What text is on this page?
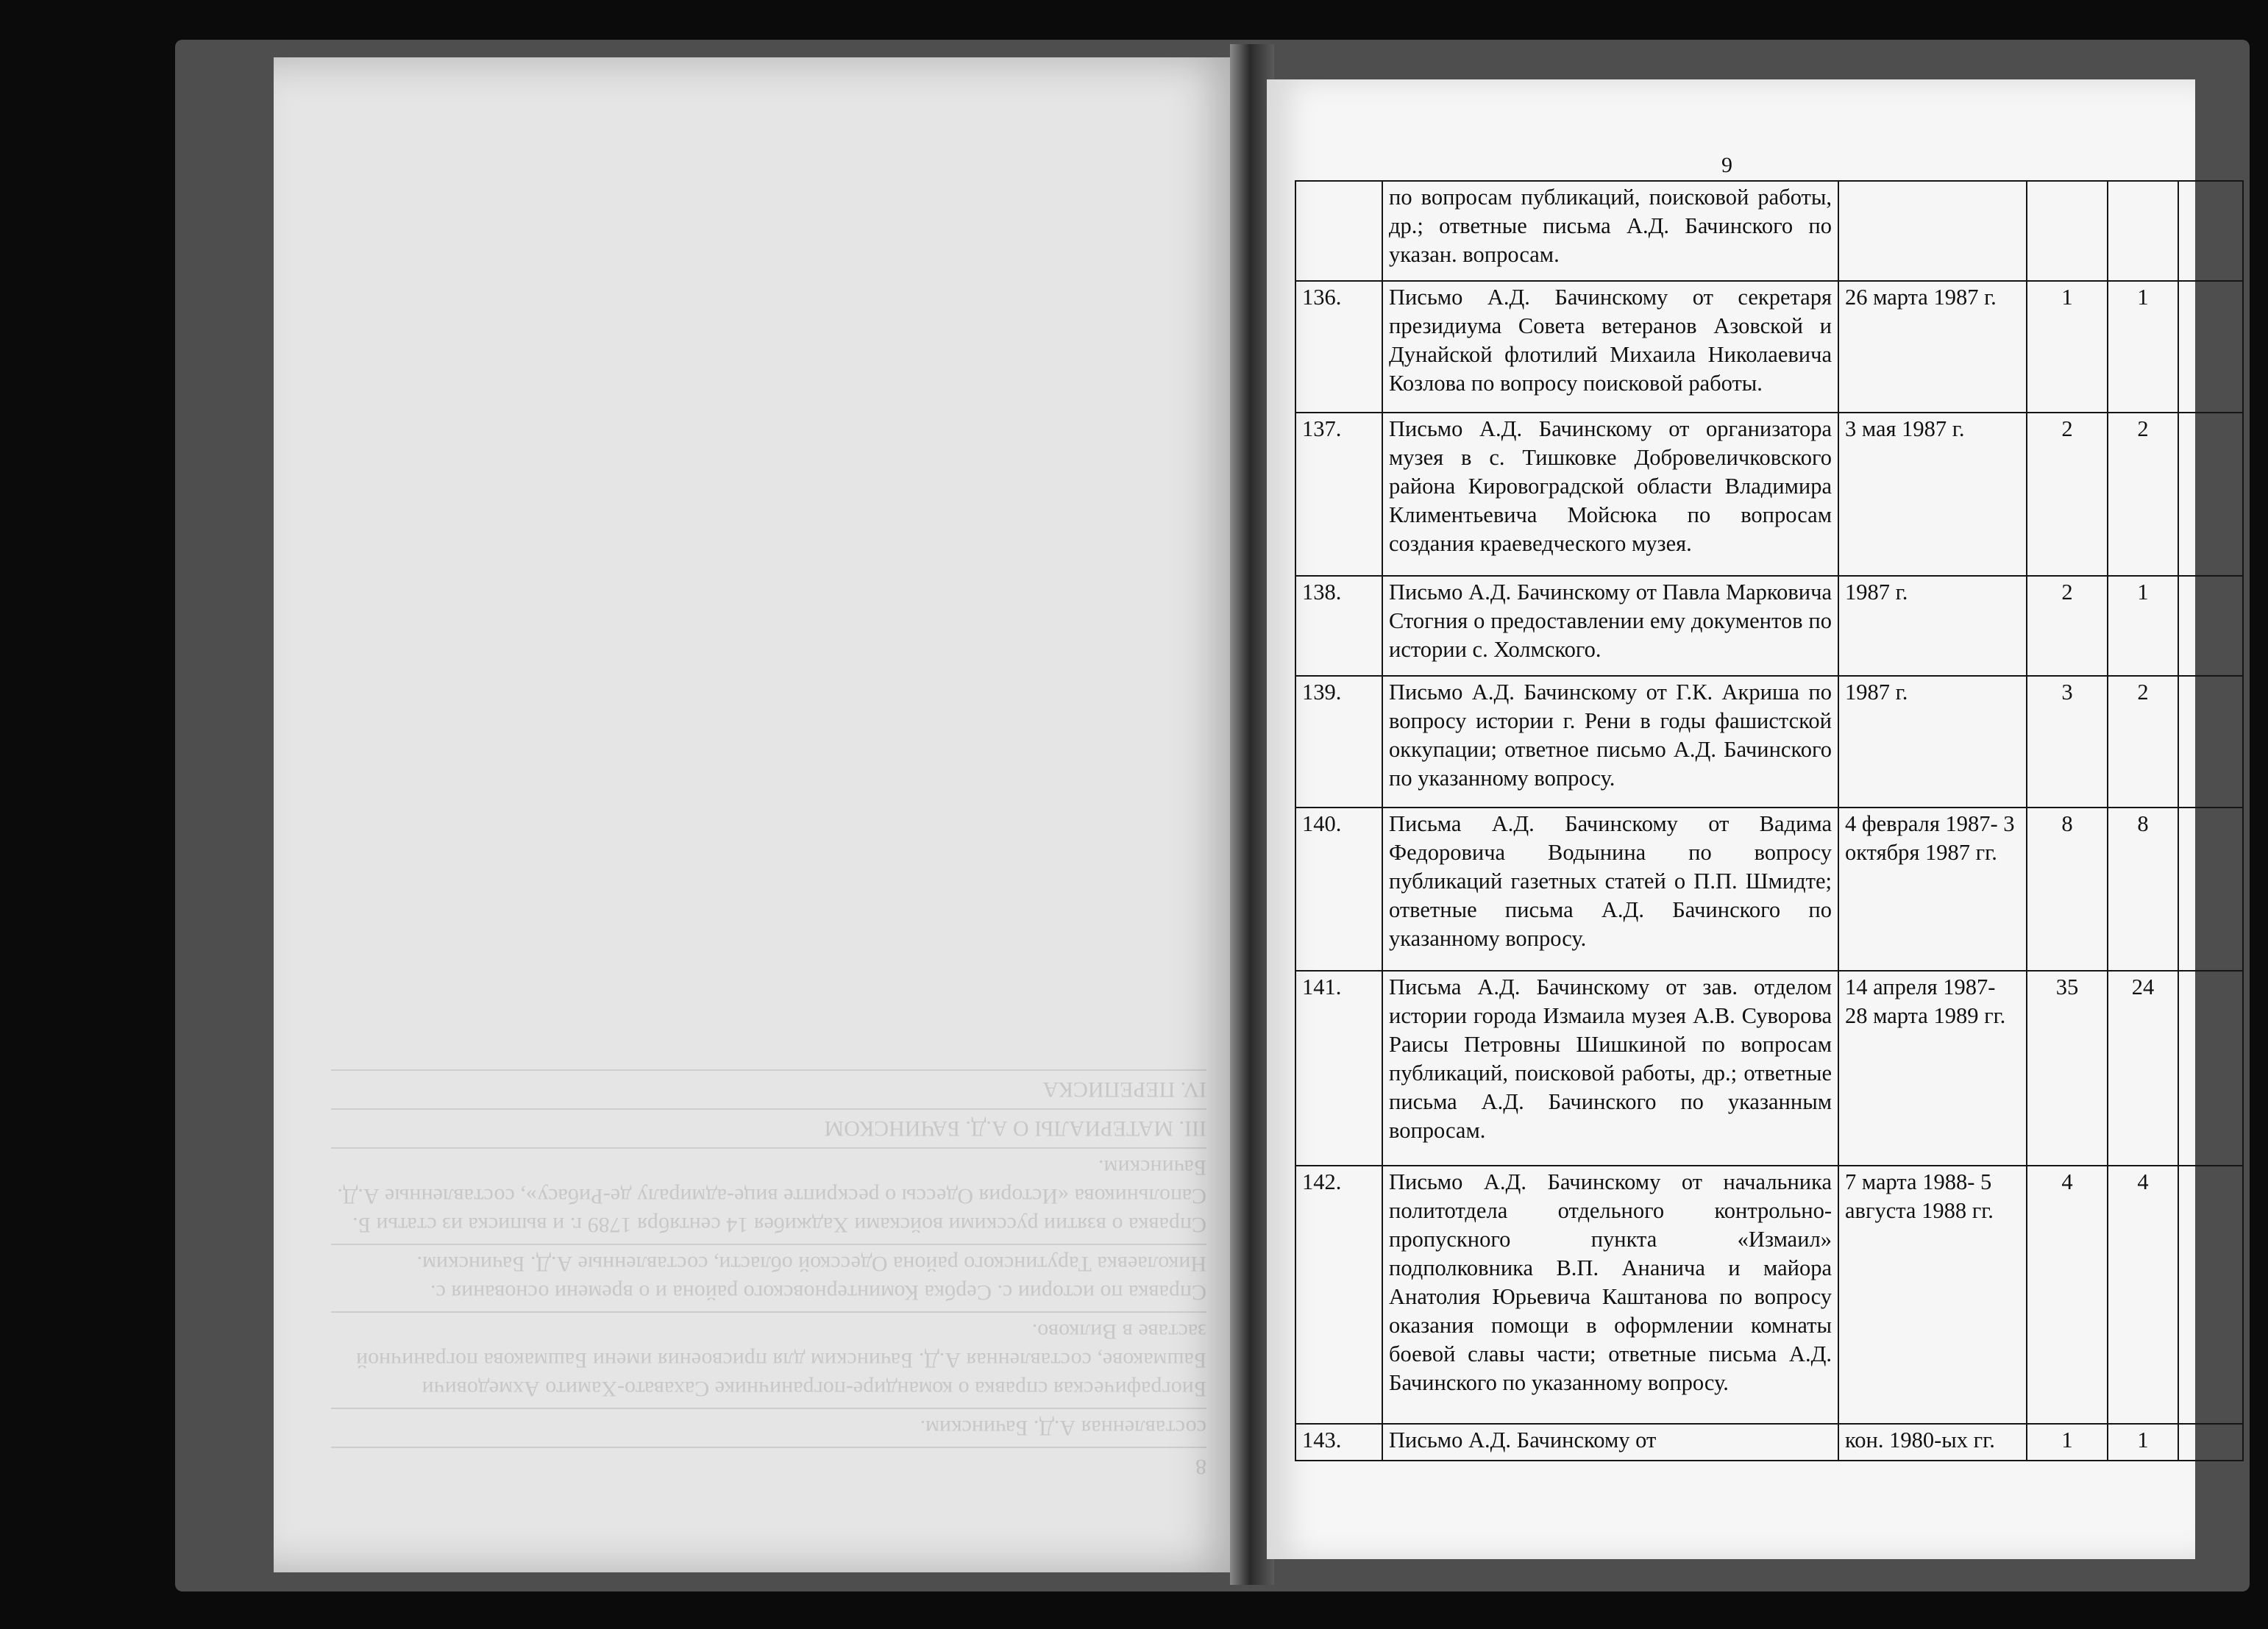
8
составленная А.Д. Бачинским.
Биографическая справка о командире-пограничнике Сахавато-Хамито Ахмедовичи Башмакове, составленная А.Д. Бачинским для присвоения имени Башмакова пограничной заставе в Вилково.
Справка по истории с. Сербка Коминтерновского района и о времени основания с. Николаевка Тарутинского района Одесской области, составленные А.Д. Бачинским.
Справка о взятии русскими войсками Хаджибея 14 сентября 1789 г. и выписка из статьи Б. Сапольникова «История Одессы о рескрипте вице-адмиралу де-Рибасу», составленные А.Д. Бачинским.
III. МАТЕРИАЛЫ О А.Д. БАЧИНСКОМ
IV. ПЕРЕПИСКА
9
	по вопросам публикаций, поисковой работы, др.; ответные письма А.Д. Бачинского по указан. вопросам.				
136.	Письмо А.Д. Бачинскому от секретаря президиума Совета ветеранов Азовской и Дунайской флотилий Михаила Николаевича Козлова по вопросу поисковой работы.	26 марта 1987 г.	1	1	
137.	Письмо А.Д. Бачинскому от организатора музея в с. Тишковке Добровеличковского района Кировоградской области Владимира Климентьевича Мойсюка по вопросам создания краеведческого музея.	3 мая 1987 г.	2	2	
138.	Письмо А.Д. Бачинскому от Павла Марковича Стогния о предоставлении ему документов по истории с. Холмского.	1987 г.	2	1	
139.	Письмо А.Д. Бачинскому от Г.К. Акриша по вопросу истории г. Рени в годы фашистской оккупации; ответное письмо А.Д. Бачинского по указанному вопросу.	1987 г.	3	2	
140.	Письма А.Д. Бачинскому от Вадима Федоровича Водынина по вопросу публикаций газетных статей о П.П. Шмидте; ответные письма А.Д. Бачинского по указанному вопросу.	4 февраля 1987- 3 октября 1987 гг.	8	8	
141.	Письма А.Д. Бачинскому от зав. отделом истории города Измаила музея А.В. Суворова Раисы Петровны Шишкиной по вопросам публикаций, поисковой работы, др.; ответные письма А.Д. Бачинского по указанным вопросам.	14 апреля 1987- 28 марта 1989 гг.	35	24	
142.	Письмо А.Д. Бачинскому от начальника политотдела отдельного контрольно-пропускного пункта «Измаил» подполковника В.П. Ананича и майора Анатолия Юрьевича Каштанова по вопросу оказания помощи в оформлении комнаты боевой славы части; ответные письма А.Д. Бачинского по указанному вопросу.	7 марта 1988- 5 августа 1988 гг.	4	4	
143.	Письмо А.Д. Бачинскому от	кон. 1980-ых гг.	1	1	
